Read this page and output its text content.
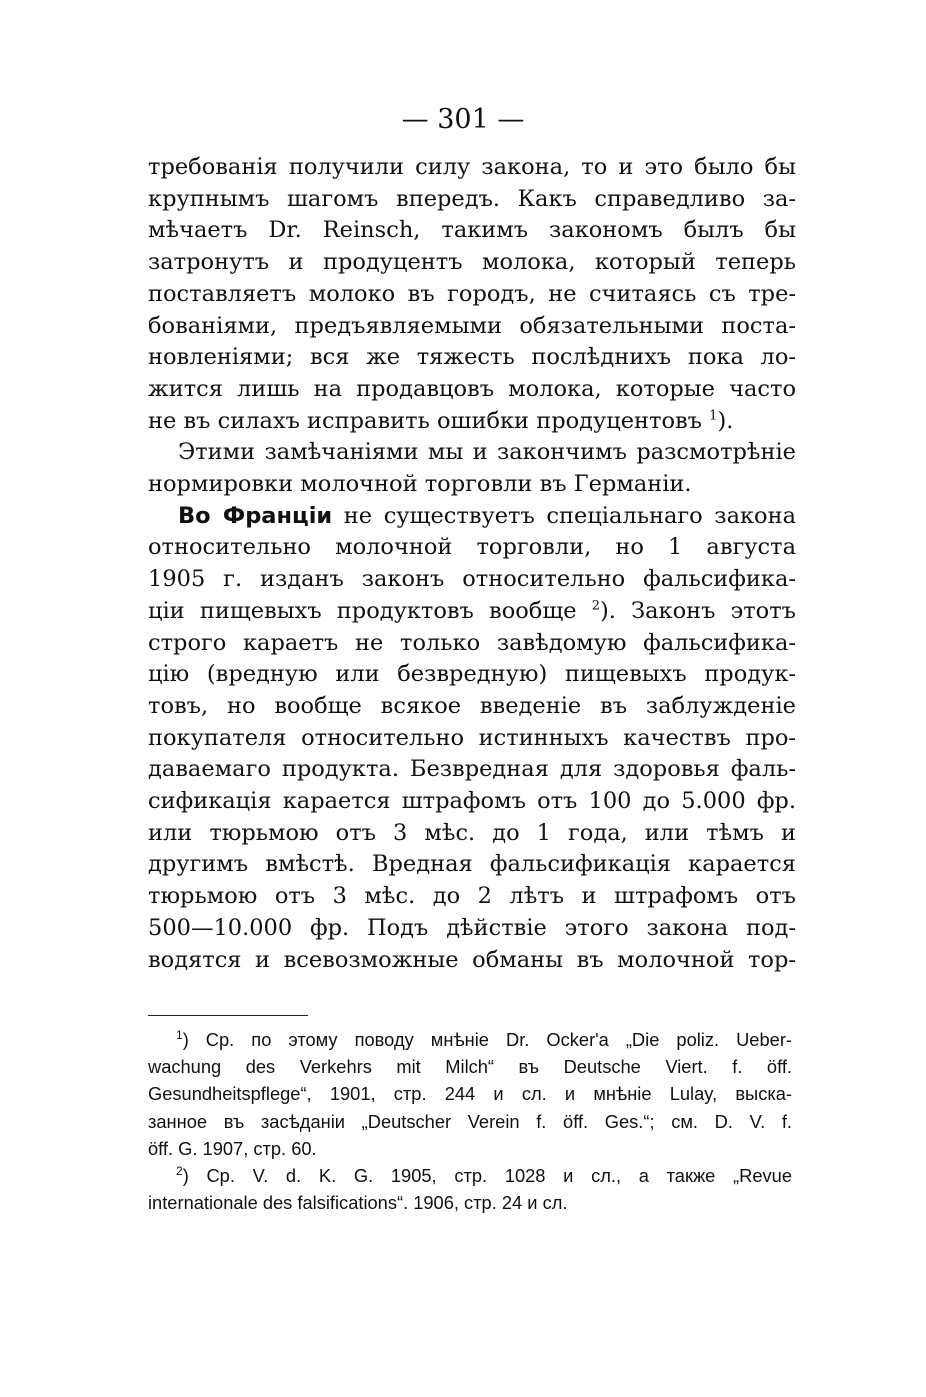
— 301 —
требованія получили силу закона, то и это было бы
крупнымъ шагомъ впередъ. Какъ справедливо за-
мѣчаетъ Dr. Reinsch, такимъ закономъ былъ бы
затронутъ и продуцентъ молока, который теперь
поставляетъ молоко въ городъ, не считаясь съ тре-
бованіями, предъявляемыми обязательными поста-
новленіями; вся же тяжесть послѣднихъ пока ло-
жится лишь на продавцовъ молока, которые часто
не въ силахъ исправить ошибки продуцентовъ $^1$).
Этими замѣчаніями мы и закончимъ разсмотрѣніе
нормировки молочной торговли въ Германіи.
Во Франціи не существуетъ спеціальнаго закона
относительно молочной торговли, но 1 августа
1905 г. изданъ законъ относительно фальсифика-
ціи пищевыхъ продуктовъ вообще $^2$). Законъ этотъ
строго караетъ не только завѣдомую фальсифика-
цію (вредную или безвредную) пищевыхъ продук-
товъ, но вообще всякое введеніе въ заблужденіе
покупателя относительно истинныхъ качествъ про-
даваемаго продукта. Безвредная для здоровья фаль-
сификація карается штрафомъ отъ 100 до 5.000 фр.
или тюрьмою отъ 3 мѣс. до 1 года, или тѣмъ и
другимъ вмѣстѣ. Вредная фальсификація карается
тюрьмою отъ 3 мѣс. до 2 лѣтъ и штрафомъ отъ
500—10.000 фр. Подъ дѣйствіе этого закона под-
водятся и всевозможные обманы въ молочной тор-
$^1$) Ср. по этому поводу мнѣніе Dr. Ocker'a „Die poliz. Ueber-
wachung des Verkehrs mit Milch“ въ Deutsche Viert. f. öff.
Gesundheitspflege“, 1901, стр. 244 и сл. и мнѣніе Lulay, выска-
занное въ засѣданіи „Deutscher Verein f. öff. Ges.“; см. D. V. f.
öff. G. 1907, стр. 60.
$^2$) Ср. V. d. K. G. 1905, стр. 1028 и сл., а также „Revue
internationale des falsifications“. 1906, стр. 24 и сл.
